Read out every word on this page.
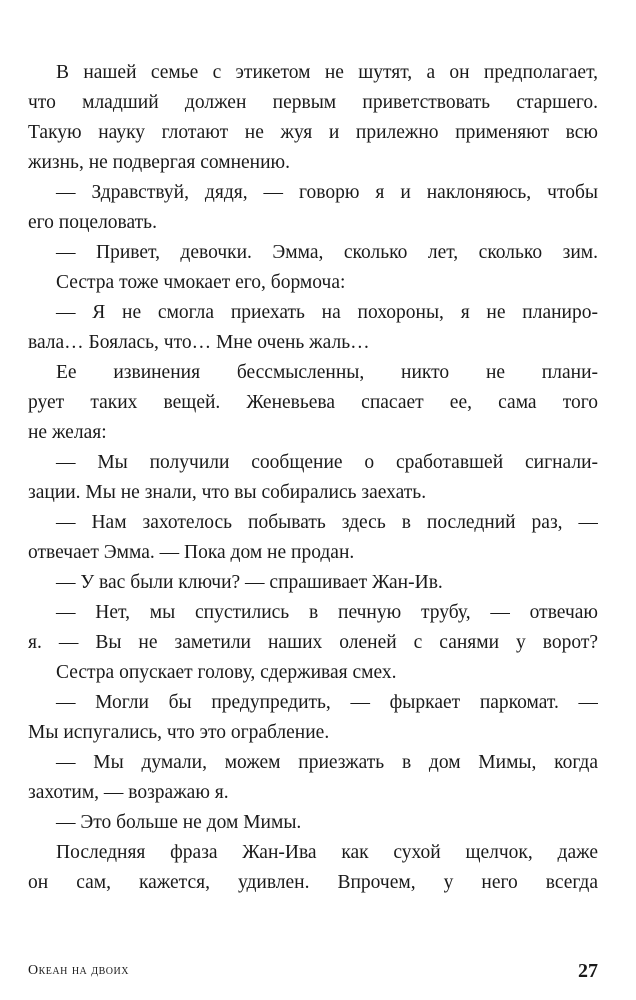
В нашей семье с этикетом не шутят, а он предполагает,
что младший должен первым приветствовать старшего.
Такую науку глотают не жуя и прилежно применяют всю
жизнь, не подвергая сомнению.
— Здравствуй, дядя, — говорю я и наклоняюсь, чтобы
его поцеловать.
— Привет, девочки. Эмма, сколько лет, сколько зим.
Сестра тоже чмокает его, бормоча:
— Я не смогла приехать на похороны, я не планиро-
вала… Боялась, что… Мне очень жаль…
Ее извинения бессмысленны, никто не плани-
рует таких вещей. Женевьева спасает ее, сама того
не желая:
— Мы получили сообщение о сработавшей сигнали-
зации. Мы не знали, что вы собирались заехать.
— Нам захотелось побывать здесь в последний раз, —
отвечает Эмма. — Пока дом не продан.
— У вас были ключи? — спрашивает Жан-Ив.
— Нет, мы спустились в печную трубу, — отвечаю
я. — Вы не заметили наших оленей с санями у ворот?
Сестра опускает голову, сдерживая смех.
— Могли бы предупредить, — фыркает паркомат. —
Мы испугались, что это ограбление.
— Мы думали, можем приезжать в дом Мимы, когда
захотим, — возражаю я.
— Это больше не дом Мимы.
Последняя фраза Жан-Ива как сухой щелчок, даже
он сам, кажется, удивлен. Впрочем, у него всегда
Океан на двоих	27
